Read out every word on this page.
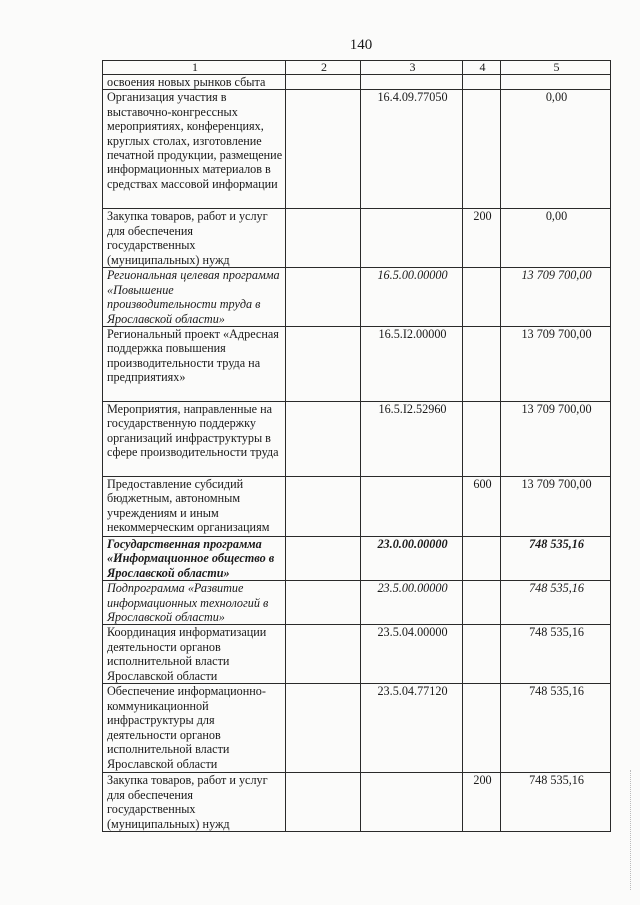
140
1	2	3	4	5
освоения новых рынков сбыта				
Организация участия в выставочно-конгрессных мероприятиях, конференциях, круглых столах, изготовление печатной продукции, размещение информационных материалов в средствах массовой информации		16.4.09.77050		0,00
Закупка товаров, работ и услуг для обеспечения государственных (муниципальных) нужд			200	0,00
Региональная целевая программа «Повышение производительности труда в Ярославской области»		16.5.00.00000		13 709 700,00
Региональный проект «Адресная поддержка повышения производительности труда на предприятиях»		16.5.I2.00000		13 709 700,00
Мероприятия, направленные на государственную поддержку организаций инфраструктуры в сфере производительности труда		16.5.I2.52960		13 709 700,00
Предоставление субсидий бюджетным, автономным учреждениям и иным некоммерческим организациям			600	13 709 700,00
Государственная программа «Информационное общество в Ярославской области»		23.0.00.00000		748 535,16
Подпрограмма «Развитие информационных технологий в Ярославской области»		23.5.00.00000		748 535,16
Координация информатизации деятельности органов исполнительной власти Ярославской области		23.5.04.00000		748 535,16
Обеспечение информационно-коммуникационной инфраструктуры для деятельности органов исполнительной власти Ярославской области		23.5.04.77120		748 535,16
Закупка товаров, работ и услуг для обеспечения государственных (муниципальных) нужд			200	748 535,16
